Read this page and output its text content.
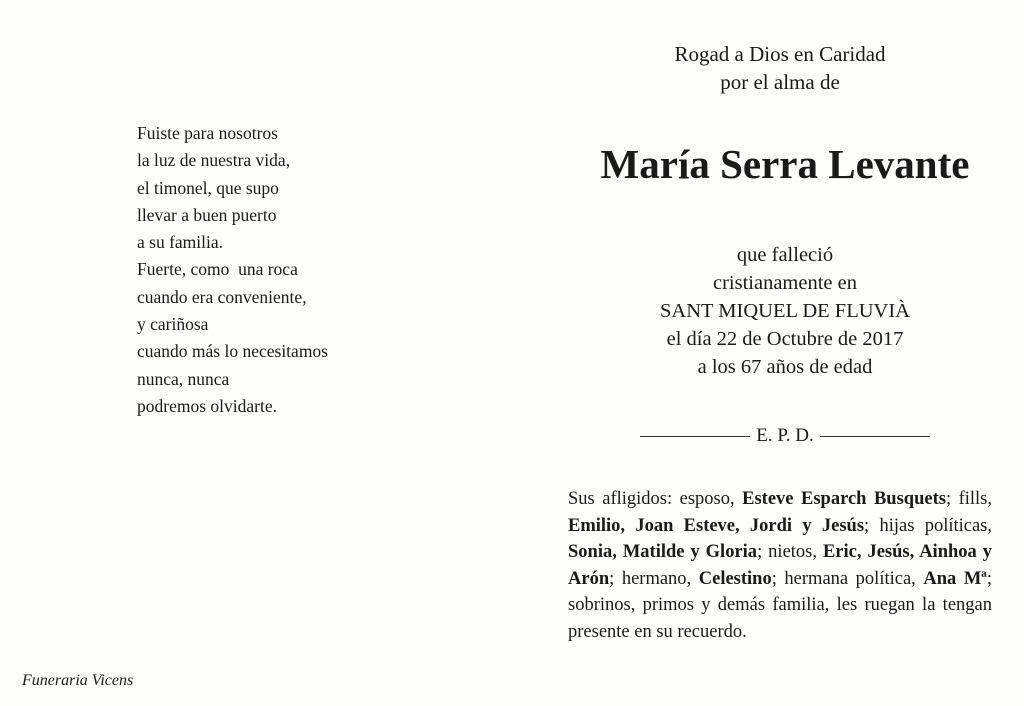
Fuiste para nosotros
la luz de nuestra vida,
el timonel, que supo
llevar a buen puerto
a su familia.
Fuerte, como  una roca
cuando era conveniente,
y cariñosa
cuando más lo necesitamos
nunca, nunca
podremos olvidarte.
Rogad a Dios en Caridad
por el alma de
María Serra Levante
que falleció
cristianamente en
SANT MIQUEL DE FLUVIÀ
el día 22 de Octubre de 2017
a los 67 años de edad
E. P. D.
Sus afligidos: esposo, Esteve Esparch Busquets; fills, Emilio, Joan Esteve, Jordi y Jesús; hijas políticas, Sonia, Matilde y Gloria; nietos, Eric, Jesús, Ainhoa y Arón; hermano, Celestino; hermana política, Ana Mª; sobrinos, primos y demás familia, les ruegan la tengan presente en su recuerdo.
Funeraria Vicens
